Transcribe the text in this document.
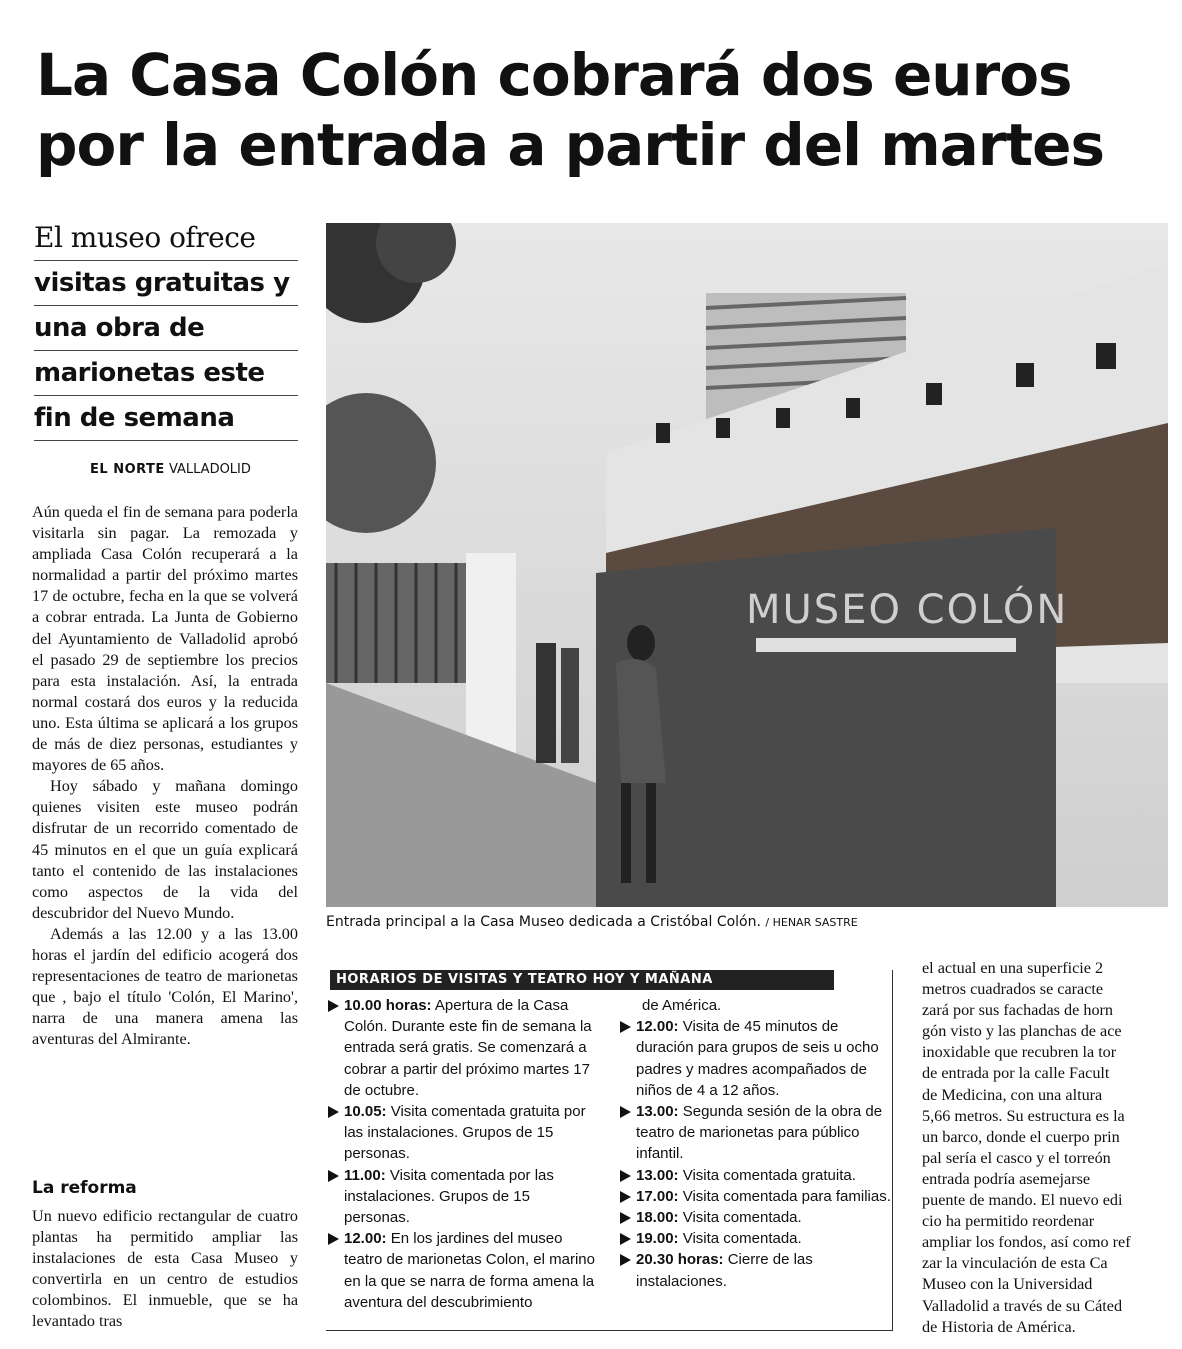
La Casa Colón cobrará dos euros
por la entrada a partir del martes
El museo ofrece
visitas gratuitas y
una obra de
marionetas este
fin de semana
EL NORTE VALLADOLID

Aún queda el fin de semana para poderla visitarla sin pagar. La remozada y ampliada Casa Colón recuperará a la normalidad a partir del próximo martes 17 de octubre, fecha en la que se volverá a cobrar entrada. La Junta de Gobierno del Ayuntamiento de Valladolid aprobó el pasado 29 de septiembre los precios para esta instalación. Así, la entrada normal costará dos euros y la reducida uno. Esta última se aplicará a los grupos de más de diez personas, estudiantes y mayores de 65 años.

Hoy sábado y mañana domingo quienes visiten este museo podrán disfrutar de un recorrido comentado de 45 minutos en el que un guía explicará tanto el contenido de las instalaciones como aspectos de la vida del descubridor del Nuevo Mundo.

Además a las 12.00 y a las 13.00 horas el jardín del edificio acogerá dos representaciones de teatro de marionetas que , bajo el título 'Colón, El Marino', narra de una manera amena las aventuras del Almirante.

La reforma

Un nuevo edificio rectangular de cuatro plantas ha permitido ampliar las instalaciones de esta Casa Museo y convertirla en un centro de estudios colombinos. El inmueble, que se ha levantado tras

MUSEO COLÓN
Entrada principal a la Casa Museo dedicada a Cristóbal Colón. / HENAR SASTRE
HORARIOS DE VISITAS Y TEATRO HOY Y MAÑANA
10.00 horas: Apertura de la Casa Colón. Durante este fin de semana la entrada será gratis. Se comenzará a cobrar a partir del próximo martes 17 de octubre.
10.05: Visita comentada gratuita por las instalaciones. Grupos de 15 personas.
11.00: Visita comentada por las instalaciones. Grupos de 15 personas.
12.00: En los jardines del museo teatro de marionetas Colon, el marino en la que se narra de forma amena la aventura del descubrimiento
de América.
12.00: Visita de 45 minutos de duración para grupos de seis u ocho padres y madres acompañados de niños de 4 a 12 años.
13.00: Segunda sesión de la obra de teatro de marionetas para público infantil.
13.00: Visita comentada gratuita.
17.00: Visita comentada para familias.
18.00: Visita comentada.
19.00: Visita comentada.
20.30 horas: Cierre de las instalaciones.
el actual en una superficie 2
metros cuadrados se caracte
zará por sus fachadas de horn
gón visto y las planchas de ace
inoxidable que recubren la tor
de entrada por la calle Facult
de Medicina, con una altura
5,66 metros. Su estructura es la
un barco, donde el cuerpo prin
pal sería el casco y el torreón
entrada podría asemejarse
puente de mando. El nuevo edi
cio ha permitido reordenar
ampliar los fondos, así como ref
zar la vinculación de esta Ca
Museo con la Universidad
Valladolid a través de su Cáted
de Historia de América.
